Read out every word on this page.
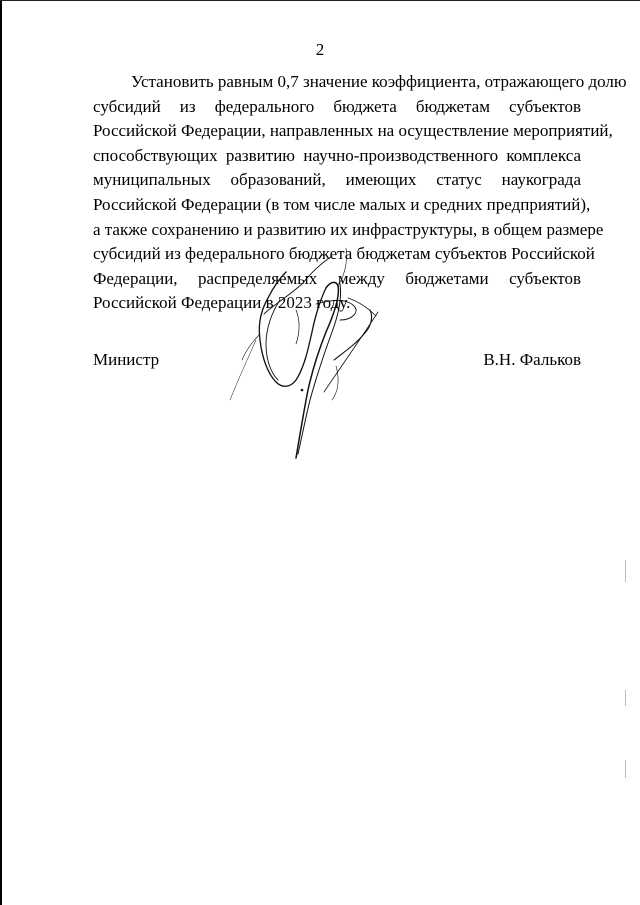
2
Установить равным 0,7 значение коэффициента, отражающего долю
субсидий из федерального бюджета бюджетам субъектов
Российской Федерации, направленных на осуществление мероприятий,
способствующих развитию научно-производственного комплекса
муниципальных образований, имеющих статус наукограда
Российской Федерации (в том числе малых и средних предприятий),
а также сохранению и развитию их инфраструктуры, в общем размере
субсидий из федерального бюджета бюджетам субъектов Российской
Федерации, распределяемых между бюджетами субъектов
Российской Федерации в 2023 году.
Министр	В.Н. Фальков
